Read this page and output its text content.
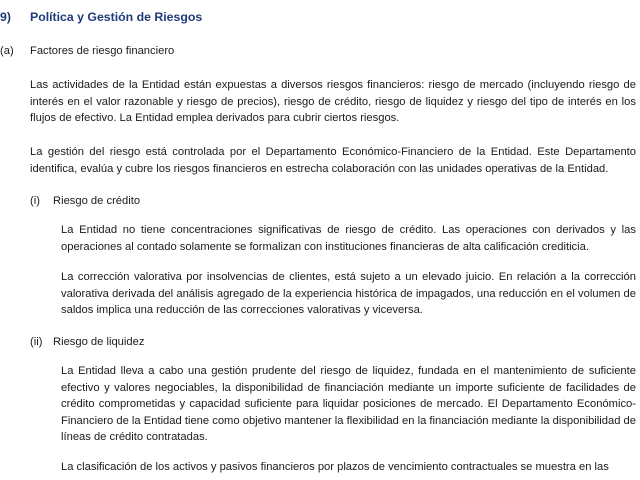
9) Política y Gestión de Riesgos
(a) Factores de riesgo financiero

Las actividades de la Entidad están expuestas a diversos riesgos financieros: riesgo de mercado (incluyendo riesgo de interés en el valor razonable y riesgo de precios), riesgo de crédito, riesgo de liquidez y riesgo del tipo de interés en los flujos de efectivo. La Entidad emplea derivados para cubrir ciertos riesgos.

La gestión del riesgo está controlada por el Departamento Económico-Financiero de la Entidad. Este Departamento identifica, evalúa y cubre los riesgos financieros en estrecha colaboración con las unidades operativas de la Entidad.

(i) Riesgo de crédito

La Entidad no tiene concentraciones significativas de riesgo de crédito. Las operaciones con derivados y las operaciones al contado solamente se formalizan con instituciones financieras de alta calificación crediticia.

La corrección valorativa por insolvencias de clientes, está sujeto a un elevado juicio. En relación a la corrección valorativa derivada del análisis agregado de la experiencia histórica de impagados, una reducción en el volumen de saldos implica una reducción de las correcciones valorativas y viceversa.

(ii) Riesgo de liquidez

La Entidad lleva a cabo una gestión prudente del riesgo de liquidez, fundada en el mantenimiento de suficiente efectivo y valores negociables, la disponibilidad de financiación mediante un importe suficiente de facilidades de crédito comprometidas y capacidad suficiente para liquidar posiciones de mercado. El Departamento Económico-Financiero de la Entidad tiene como objetivo mantener la flexibilidad en la financiación mediante la disponibilidad de líneas de crédito contratadas.

La clasificación de los activos y pasivos financieros por plazos de vencimiento contractuales se muestra en las
